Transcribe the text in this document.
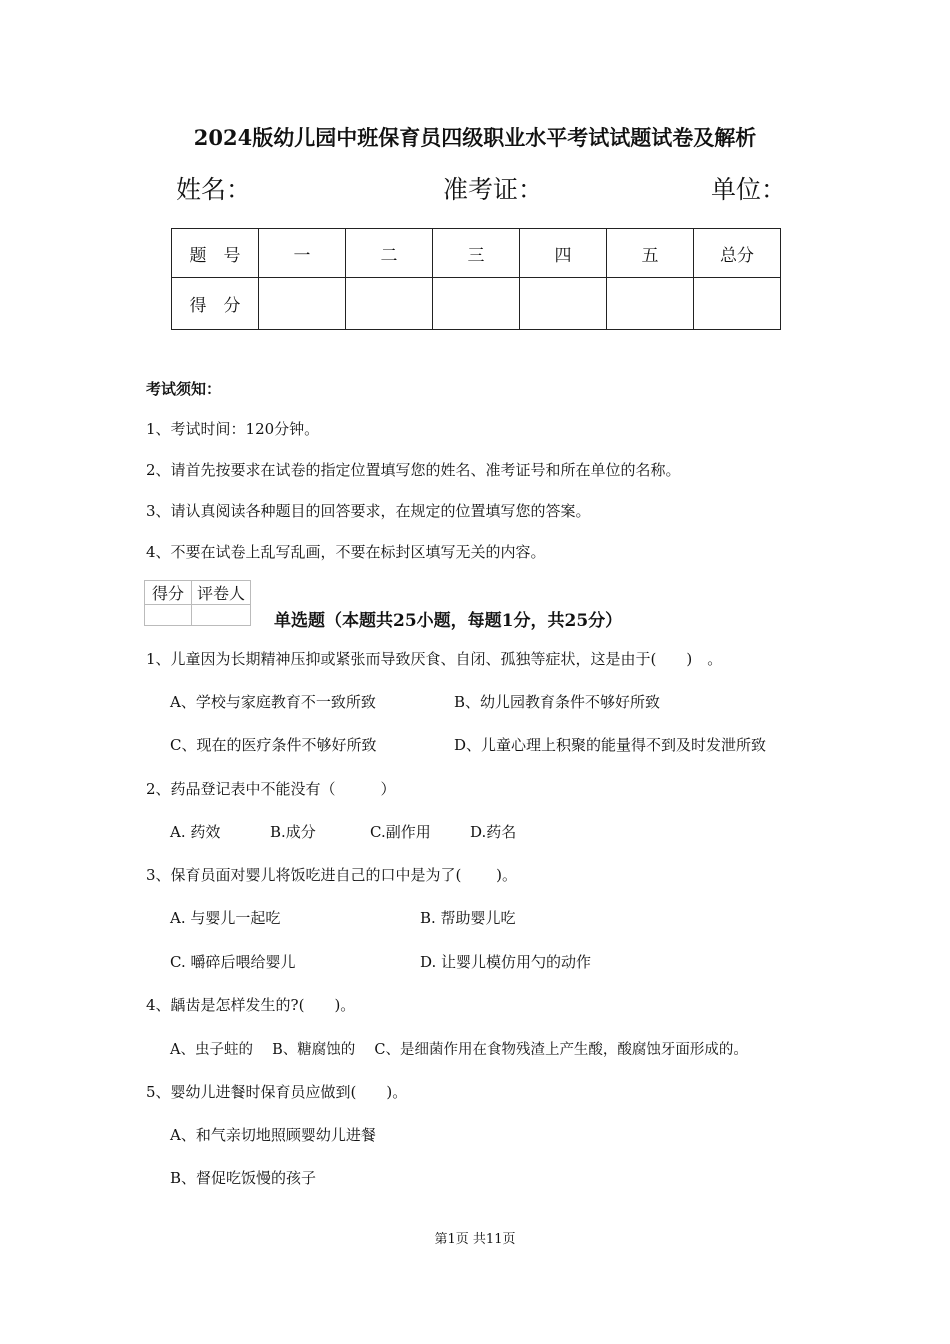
2024版幼儿园中班保育员四级职业水平考试试题试卷及解析
姓名：	准考证：	单位：
题　号	一	二	三	四	五	总分
得　分						
考试须知：
1、考试时间：120分钟。
2、请首先按要求在试卷的指定位置填写您的姓名、准考证号和所在单位的名称。
3、请认真阅读各种题目的回答要求，在规定的位置填写您的答案。
4、不要在试卷上乱写乱画，不要在标封区填写无关的内容。
得分	评卷人

单选题（本题共25小题，每题1分，共25分）
1、儿童因为长期精神压抑或紧张而导致厌食、自闭、孤独等症状，这是由于(　　)　。
A、学校与家庭教育不一致所致	B、幼儿园教育条件不够好所致
C、现在的医疗条件不够好所致	D、儿童心理上积聚的能量得不到及时发泄所致
2、药品登记表中不能没有（　　　）
A. 药效	B.成分	C.副作用	D.药名
3、保育员面对婴儿将饭吃进自己的口中是为了(　　 )。
A. 与婴儿一起吃	B. 帮助婴儿吃
C. 嚼碎后喂给婴儿	D. 让婴儿模仿用勺的动作
4、龋齿是怎样发生的?(　　)。
A、虫子蛀的　 B、糖腐蚀的　 C、是细菌作用在食物残渣上产生酸，酸腐蚀牙面形成的。
5、婴幼儿进餐时保育员应做到(　　)。
A、和气亲切地照顾婴幼儿进餐
B、督促吃饭慢的孩子
第1页 共11页
